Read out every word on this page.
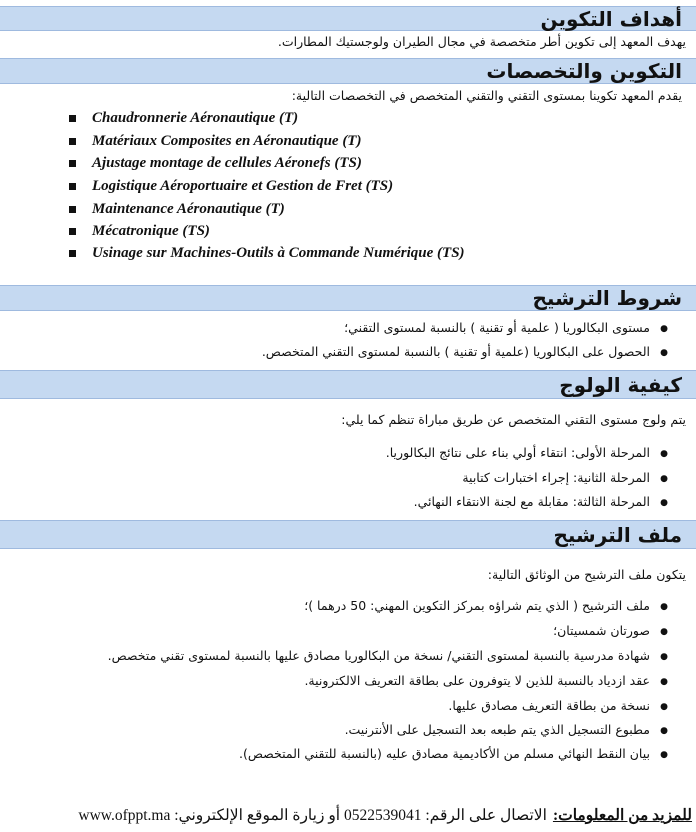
أهداف التكوين
يهدف المعهد إلى تكوين أطر متخصصة في مجال الطيران ولوجستيك المطارات.
التكوين والتخصصات
يقدم المعهد تكوينا بمستوى التقني والتقني المتخصص في التخصصات التالية:
Chaudronnerie Aéronautique (T)
Matériaux Composites en Aéronautique (T)
Ajustage montage de cellules Aéronefs (TS)
Logistique Aéroportuaire et Gestion de Fret (TS)
Maintenance Aéronautique (T)
Mécatronique (TS)
Usinage sur Machines-Outils à Commande Numérique (TS)
شروط الترشيح
مستوى البكالوريا ( علمية أو تقنية ) بالنسبة لمستوى التقني؛ ●
الحصول على البكالوريا (علمية أو تقنية ) بالنسبة لمستوى التقني المتخصص. ●
كيفية الولوج
يتم ولوج مستوى التقني المتخصص عن طريق مباراة تنظم كما يلي:
المرحلة الأولى: انتقاء أولي بناء على نتائج البكالوريا. ●
المرحلة الثانية: إجراء اختبارات كتابية ●
المرحلة الثالثة: مقابلة مع لجنة الانتقاء النهائي. ●
ملف الترشيح
يتكون ملف الترشيح من الوثائق التالية:
ملف الترشيح ( الذي يتم شراؤه بمركز التكوين المهني: 50 درهما )؛ ●
صورتان شمسيتان؛ ●
شهادة مدرسية بالنسبة لمستوى التقني/ نسخة من البكالوريا مصادق عليها بالنسبة لمستوى تقني متخصص. ●
عقد ازدياد بالنسبة للذين لا يتوفرون على بطاقة التعريف الالكترونية. ●
نسخة من بطاقة التعريف مصادق عليها. ●
مطبوع التسجيل الذي يتم طبعه بعد التسجيل على الأنترنيت. ●
بيان النقط النهائي مسلم من الأكاديمية مصادق عليه (بالنسبة للتقني المتخصص). ●
للمزيد من المعلومات:الاتصال على الرقم: 0522539041 أو زيارة الموقع الإلكتروني: www.ofppt.ma
